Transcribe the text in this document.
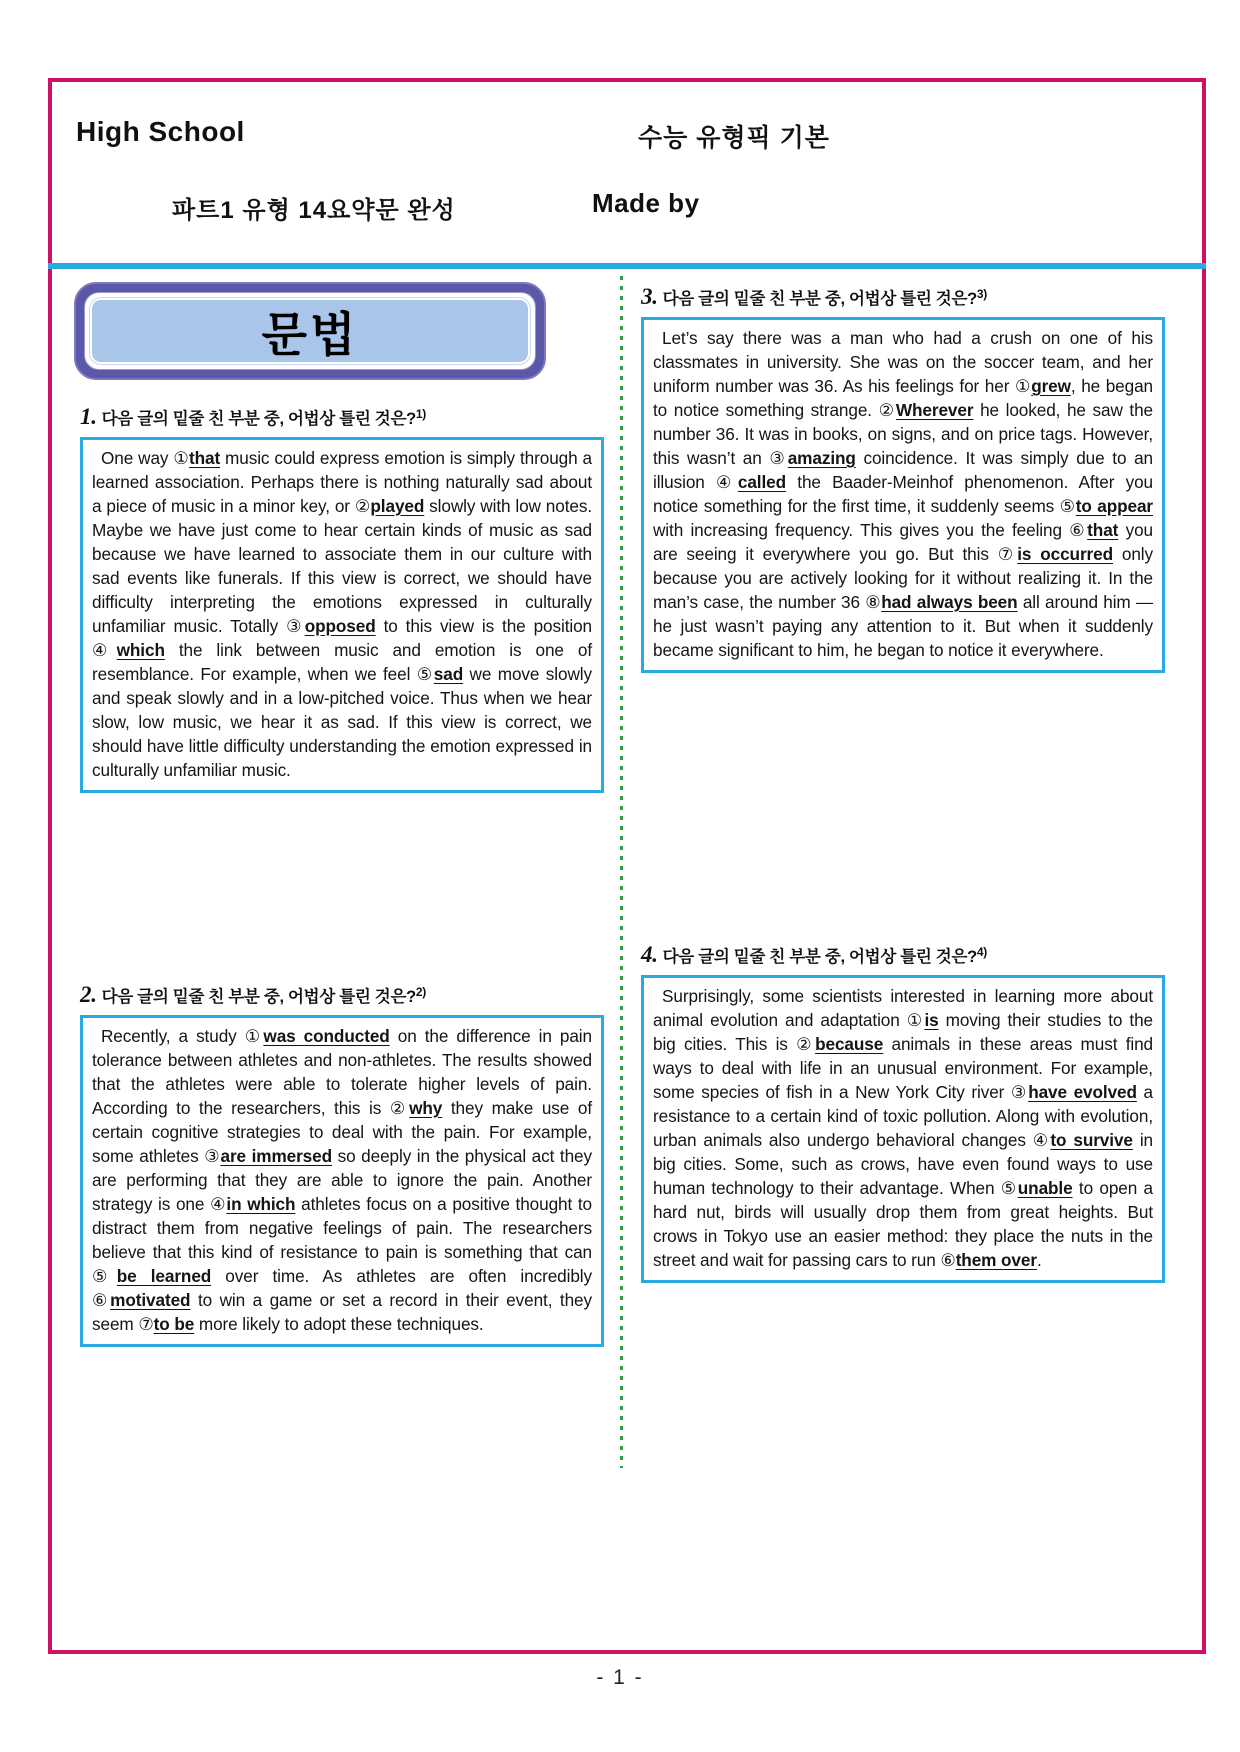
High School	수능 유형픽 기본
파트1 유형 14요약문 완성	Made by
문법
1. 다음 글의 밑줄 친 부분 중, 어법상 틀린 것은?$^{1)}$

One way ①that music could express emotion is simply through a learned association. Perhaps there is nothing naturally sad about a piece of music in a minor key, or ②played slowly with low notes. Maybe we have just come to hear certain kinds of music as sad because we have learned to associate them in our culture with sad events like funerals. If this view is correct, we should have difficulty interpreting the emotions expressed in culturally unfamiliar music. Totally ③opposed to this view is the position ④which the link between music and emotion is one of resemblance. For example, when we feel ⑤sad we move slowly and speak slowly and in a low-pitched voice. Thus when we hear slow, low music, we hear it as sad. If this view is correct, we should have little difficulty understanding the emotion expressed in culturally unfamiliar music.

2. 다음 글의 밑줄 친 부분 중, 어법상 틀린 것은?$^{2)}$

Recently, a study ①was conducted on the difference in pain tolerance between athletes and non-athletes. The results showed that the athletes were able to tolerate higher levels of pain. According to the researchers, this is ②why they make use of certain cognitive strategies to deal with the pain. For example, some athletes ③are immersed so deeply in the physical act they are performing that they are able to ignore the pain. Another strategy is one ④in which athletes focus on a positive thought to distract them from negative feelings of pain. The researchers believe that this kind of resistance to pain is something that can ⑤be learned over time. As athletes are often incredibly ⑥motivated to win a game or set a record in their event, they seem ⑦to be more likely to adopt these techniques.

3. 다음 글의 밑줄 친 부분 중, 어법상 틀린 것은?$^{3)}$

Let’s say there was a man who had a crush on one of his classmates in university. She was on the soccer team, and her uniform number was 36. As his feelings for her ①grew, he began to notice something strange. ②Wherever he looked, he saw the number 36. It was in books, on signs, and on price tags. However, this wasn’t an ③amazing coincidence. It was simply due to an illusion ④called the Baader-Meinhof phenomenon. After you notice something for the first time, it suddenly seems ⑤to appear with increasing frequency. This gives you the feeling ⑥that you are seeing it everywhere you go. But this ⑦is occurred only because you are actively looking for it without realizing it. In the man’s case, the number 36 ⑧had always been all around him — he just wasn’t paying any attention to it. But when it suddenly became significant to him, he began to notice it everywhere.

4. 다음 글의 밑줄 친 부분 중, 어법상 틀린 것은?$^{4)}$

Surprisingly, some scientists interested in learning more about animal evolution and adaptation ①is moving their studies to the big cities. This is ②because animals in these areas must find ways to deal with life in an unusual environment. For example, some species of fish in a New York City river ③have evolved a resistance to a certain kind of toxic pollution. Along with evolution, urban animals also undergo behavioral changes ④to survive in big cities. Some, such as crows, have even found ways to use human technology to their advantage. When ⑤unable to open a hard nut, birds will usually drop them from great heights. But crows in Tokyo use an easier method: they place the nuts in the street and wait for passing cars to run ⑥them over.

- 1 -
